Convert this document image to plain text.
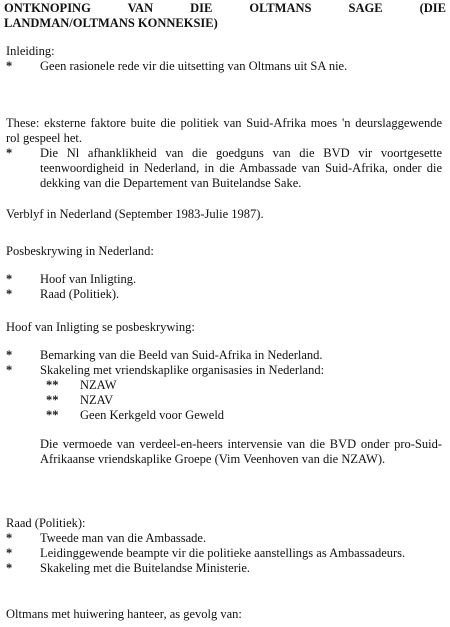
ONTKNOPING VAN DIE OLTMANS SAGE (DIE
LANDMAN/OLTMANS KONNEKSIE)

Inleiding:

* Geen rasionele rede vir die uitsetting van Oltmans uit SA nie.

These: eksterne faktore buite die politiek van Suid-Afrika moes 'n deurslaggewende rol gespeel het.

* Die Nl afhanklikheid van die goedguns van die BVD vir voortgesette teenwoordigheid in Nederland, in die Ambassade van Suid-Afrika, onder die dekking van die Departement van Buitelandse Sake.

Verblyf in Nederland (September 1983-Julie 1987).

Posbeskrywing in Nederland:

* Hoof van Inligting.

* Raad (Politiek).

Hoof van Inligting se posbeskrywing:

* Bemarking van die Beeld van Suid-Afrika in Nederland.

* Skakeling met vriendskaplike organisasies in Nederland:

** NZAW

** NZAV

** Geen Kerkgeld voor Geweld

Die vermoede van verdeel-en-heers intervensie van die BVD onder pro-Suid-Afrikaanse vriendskaplike Groepe (Vim Veenhoven van die NZAW).

Raad (Politiek):

* Tweede man van die Ambassade.

* Leidinggewende beampte vir die politieke aanstellings as Ambassadeurs.

* Skakeling met die Buitelandse Ministerie.

Oltmans met huiwering hanteer, as gevolg van:
